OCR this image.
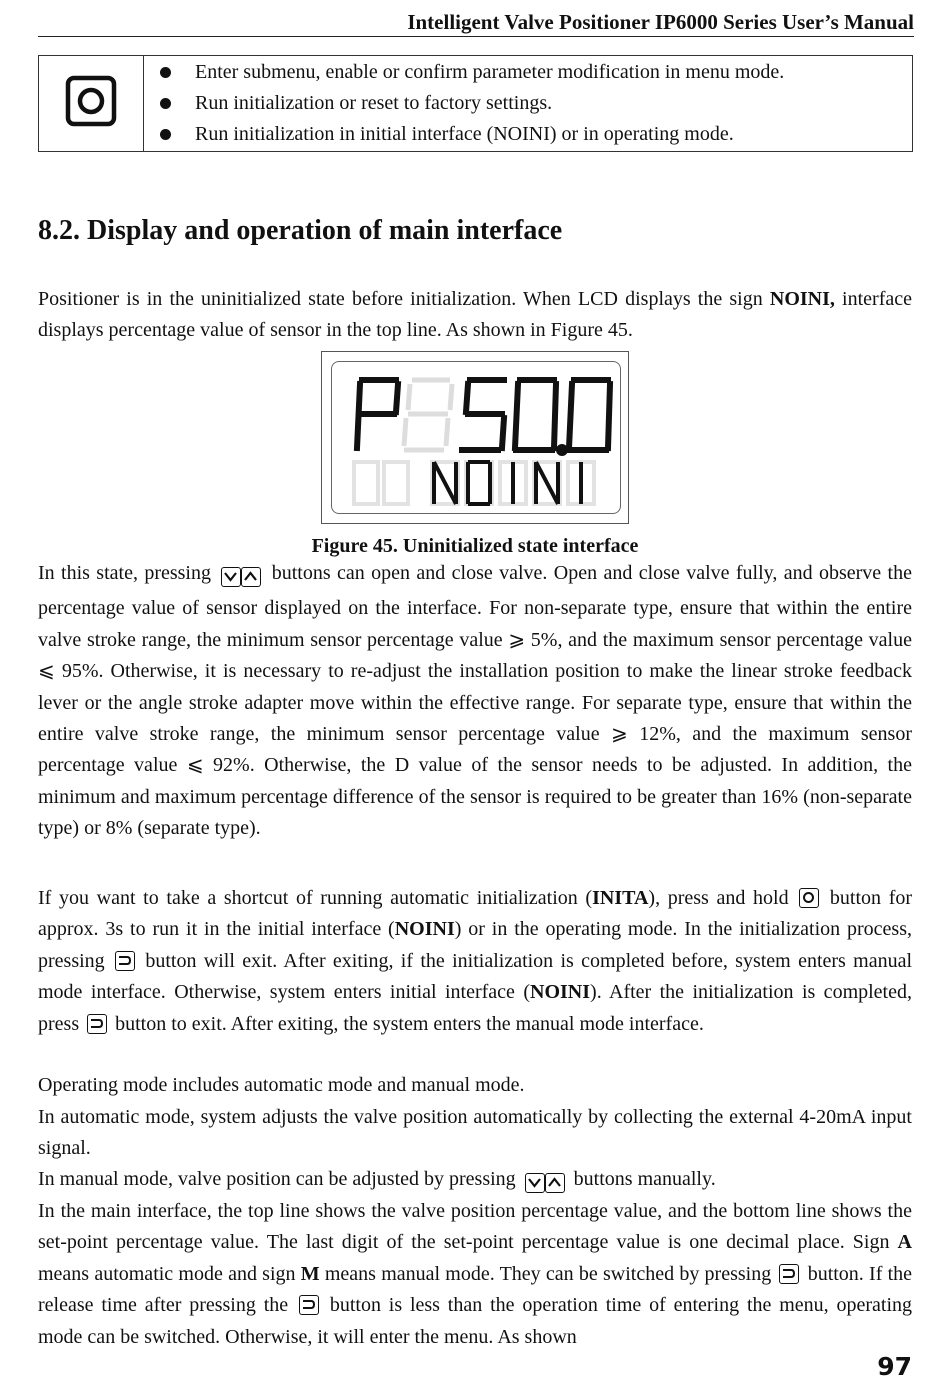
Intelligent Valve Positioner IP6000 Series User’s Manual

Enter submenu, enable or confirm parameter modification in menu mode.
Run initialization or reset to factory settings.
Run initialization in initial interface (NOINI) or in operating mode.
8.2. Display and operation of main interface

Positioner is in the uninitialized state before initialization. When LCD displays the sign NOINI, interface displays percentage value of sensor in the top line. As shown in Figure 45.

Figure 45. Uninitialized state interface

In this state, pressing	buttons can open and close valve. Open and close valve fully, and observe the percentage value of sensor displayed on the interface. For non-separate type, ensure that within the entire valve stroke range, the minimum sensor percentage value ⩾ 5%, and the maximum sensor percentage value ⩽ 95%. Otherwise, it is necessary to re-adjust the installation position to make the linear stroke feedback lever or the angle stroke adapter move within the effective range. For separate type, ensure that within the entire valve stroke range, the minimum sensor percentage value ⩾ 12%, and the maximum sensor percentage value ⩽ 92%. Otherwise, the D value of the sensor needs to be adjusted. In addition, the minimum and maximum percentage difference of the sensor is required to be greater than 16% (non-separate type) or 8% (separate type).

If you want to take a shortcut of running automatic initialization (INITA), press and hold button for approx. 3s to run it in the initial interface (NOINI) or in the operating mode. In the initialization process, pressing button will exit. After exiting, if the initialization is completed before, system enters manual mode interface. Otherwise, system enters initial interface (NOINI). After the initialization is completed, press button to exit. After exiting, the system enters the manual mode interface.

Operating mode includes automatic mode and manual mode.

In automatic mode, system adjusts the valve position automatically by collecting the external 4-20mA input signal.

In manual mode, valve position can be adjusted by pressing	buttons manually.

In the main interface, the top line shows the valve position percentage value, and the bottom line shows the set-point percentage value. The last digit of the set-point percentage value is one decimal place. Sign A means automatic mode and sign M means manual mode. They can be switched by pressing button. If the release time after pressing the button is less than the operation time of entering the menu, operating mode can be switched. Otherwise, it will enter the menu. As shown

97
